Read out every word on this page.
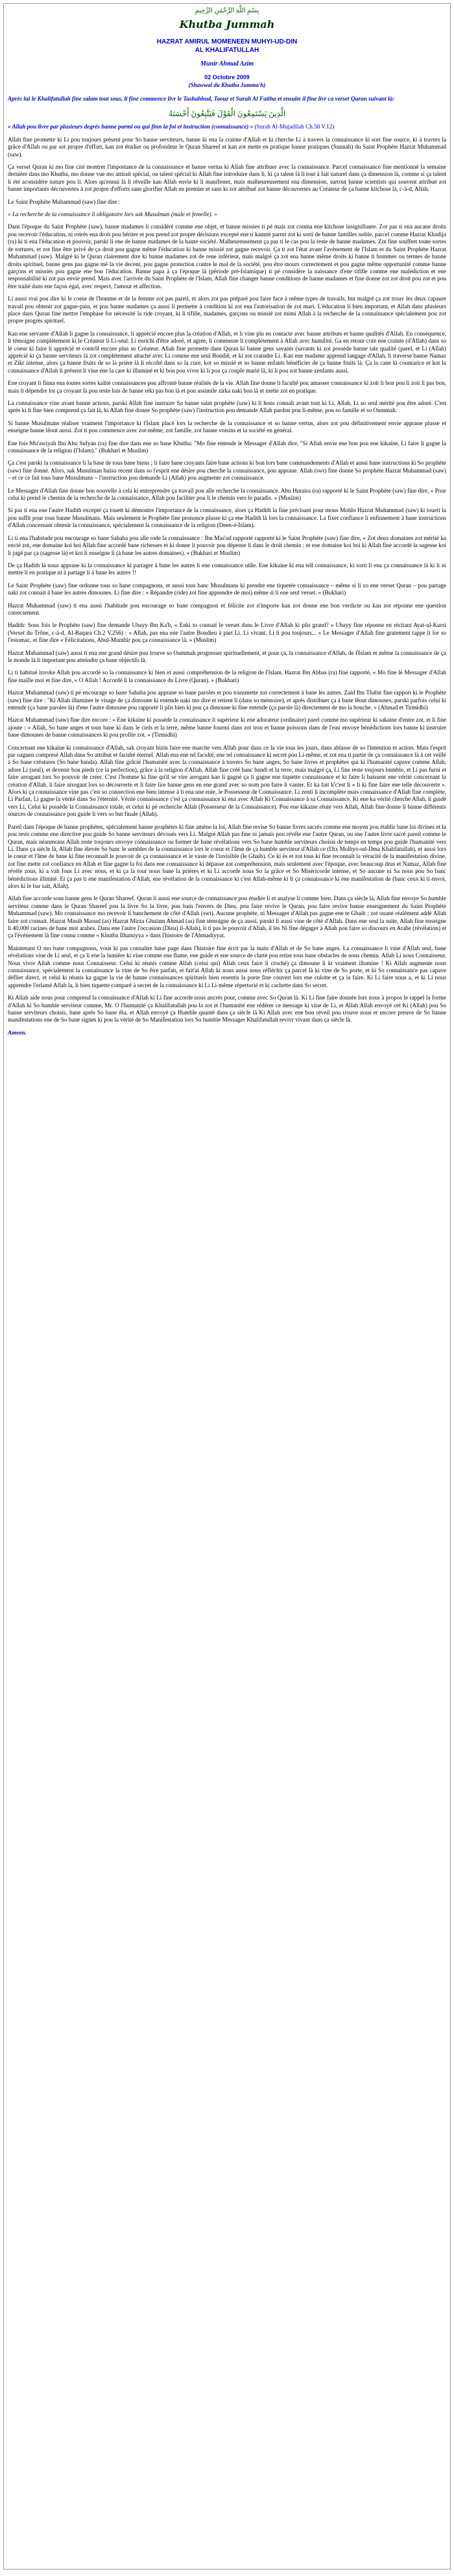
بِسْمِ اللَّهِ الرَّحْمَنِ الرَّحِيمِ
Khutba Jummah
HAZRAT AMIRUL MOMENEEN MUHYI-UD-DIN
AL KHALIFATULLAH
Munir Ahmad Azim
02 Octobre 2009
(Shawwal du Khutba Jumma'h)

Après lui le Khalifatullah fine salam tout sous, li fine commence livr le Tashahhud, Taouz et Surah Al Fatiha et ensuite il fine livr ca verset Quran suivant là:

الَّذِينَ يَسْتَمِعُونَ الْقَوْلَ فَيَتَّبِعُونَ أَحْسَنَهُ

« Allah pou livre par plusieurs degrés banne parmi ou qui finn la foi et instruction (connaissance) » (Surah Al-Mujadilah Ch.58 V.12)

Allah fine promette ki Li pou toujours présent pour So banne serviteurs, banne ki ena la crainte d'Allah et ki cherche Li à travers la connaissance ki sort fine source, ki à travers la grâce d'Allah ou par sot propre d'effort, kan zot étudier ou profondeur le Quran Shareef et kan zot mette en pratique banne pratiques (Sunnah) du Saint Prophète Hazrat Muhammad (saw).

Ça verset Quran ki mo fine cité montrer l'importance de la connaissance et banne vertus ki Allah fine attribuer avec la connaissance. Parcel connaissance fine mentionné la semaine dernière dans mo Khutba, mo donne vue mo attirait spécial, ou talent spécial ki Allah fine introduire dans li, ki ça talent là li tout à fait naturel dans ça dimension là, comme si ça talent li été aconsidère nature pou li. Alors qu'ennui là li réveille kan Allah envie ki li manifester, mais malheureusement ena dimension, surtout banne scientists qui souvent attribué zot banne importants découvertes à zot propre d'efforts sans glorifier Allah en premier et sans ki zot attribué zot banne découvertes au Créateur de ça banne kitchose là, c-à-d, Allah.

Le Saint Prophète Muhammad (saw) fine dire :

« La recherche de la connaissance li obligatoire lors sak Musulman (male et femelle). »

Dans l'époque du Saint Prophète (saw), banne madames li considéré comme ene objet, et banne missies ti pé mais zot couma ene kitchose insignifiante. Zot pas ti ena aucane droits pou recevoir l'éducation, ni rotrès ena droit pou hériter et pou prend zot propre décisions excepté ene ti kanntè parmi zot ki sorti de banne familles noble, parcel comme Hazrat Khadija (ra) ki ti ena l'éducation et pouvoir, parski li ene de banne madames de la haute société. Malheureusement ça pas ti le cas pou la reste de banne madames. Zot fine souffert toute sortes de tortures, et zot fine être privé de ça droit pou gagne même l'éducation ki banne missié zot gagne recevoir. Ça ti zot l'état avant l'avènement de l'Islam et du Saint Prophète Hazrat Muhammad (saw). Malgré ki le Quran clairement dire ki banne madames zot de rene inférieur, mais malgré ça zot ena banne même droits ki banne ti hommes ou termes de banne droits spirituel, banne gens pas gagne mé la vie decent, pou gagne protection contre le mal de la société, pou être mours correctement et pou gagne même opportunité comme banne garçons et missiés pou gagne ene bon l'éducation. Banne papa à ça l'époque là (période pré-Islamique) ti pé considère la naissance d'ene tifille comme ene malédiction et ene responsabilité ki zot pas envie prend. Mais avec l'arrivée du Saint Prophète de l'Islam, Allah fine changer banne conditions de banne madames et fine donne zot zot droit pou zot et pou être traité dans ene façon égal, avec respect, l'amour et affection.

Li aussi vrai pou dire ki le coeur de l'homme et de la femme zot pas pareil, et alors zot pas préparé pou faire face à même types de travails, but malgré ça zot trouv les deux capaure travail pou obtenir zot gagne-pain, et pou banne madames ça aussi li permette à condition ki zot ena l'autorisation de zot mari. L'éducation li bien important, et Allah dans plusieurs place dans Quran fine mettre l'emphase for nécessité la ride croyant, ki li tifille, madames, garçons ou missié zot mimi Allah à la recherche de la connaissance spécialement pou zot propre progrès spirituel.

Kan ene servante d'Allah li gagne la connaissance, li apprécié encore plus la création d'Allah, et li vine plu en contacte avec banne attributs et banne qualités d'Allah. En conséquence, li témoigne complètement ki le Créateur li Li-seul. Li enrichi d'être adoré, et agrée, li commente li complètement à Allah avec humilité. Ga en retour cote ene crainte (d'Allah) dans so lé coeur ki faire li apprécié et contrôl encore plus so Créateur. Allah fine promette dans Quran ki banne gens savants (savants ki zot possède banne tale qualité (parel, et Li (Allah) apprécié ki ça banne serviteurs là zot complètement attaché avec Li comme ene seul Bondiê, et ki zot craindre Li. Kan ene madame apprend langage d'Allah, li traverse banne Namaz et Zikr intense, alors ça banne fruits de so la prière là li récolté dans so la cure, kot so missié et so banne enfants bénéficier de ça banne fruits là. Ça la cane ki countarice et kot la connaissance d'Allah li présent li vine ene la care ki illuminé et ki bon pou vivre ki li pou ça couple marié là, ki li pou zot banne zenfants aussi.

Ene croyant li finna ena toutes sortes kalité connaissances pou affronté banne réalités de la vie. Allah fine donne li faculté pou amasser connaissance ki zoit li bon pou li zoit li pas bon, mais li dépendre lor ça croyant là pou reste lois de banne réki pas bon là et pou assimile zirka naki bon là et mette zot en pratique.

La connaissance vine avant banne actions, parski Allah fine instruire So banne saint prophète (saw) ki li hons connaît avant tout ki Li, Allah, Li so seul méritè pou être adoré. C'est après ki li fine bien comprend ça fait là, ki Allah fine donne So prophète (saw) l'instruction pou demande Allah pardon pou li-même, pou so famille et so Oummah.

Si banne Musulmans réaliser vraiment l'importance ki l'Islam placé lors la recherche de la connaissance et so banne vertus, alors zot pou définitivement envie apprane plusse et enseigne banne lêout aussi. Zot ti pou commence avec zot-même, zot famille, zot banne voisins et la société en général.

Ene fois Mu'awiyah Ibn Abu Sufyan (ra) fine dire dans ene so bane Khutba: "Mo fine entende le Messager d'Allah dire, "Si Allah envie ene bon pou ene kikaine, Li faire li gagne la connaissance de la religion (l'Islam)." (Bukhari et Muslim)

Ça c'est parski la connaissance li la base de tous bane biens ; li faire bane croyants faire bane actions ki bon lors bane commandements d'Allah et aussi bane instructions ki So prophète (saw) fine donné. Alors, sak Musulman huisu recent dans so l'esprit ene désire pou cherche la connaissance, pou apprane. Allah (swt) fine donne So prophète Hazrat Muhammad (saw) – et ce ce fait tous bane Musulmans – l'instruction pou demande Li (Allah) pou augmente zot connaissance.

Le Messager d'Allah fine donne bon nouvelle à cela ki entreprendre ça travail pou alle recherche la connaissance. Abu Huraira (ra) rapporté ki le Saint Prophète (saw) fine dire, « Pour celui ki prend le chemin de la recherche de la connaissance, Allah pou faciliter pou li le chemin vers le paradis. » (Muslim)

Si pas ti ena ene l'autre Hadith excepté ça touett ki démontre l'importance de la connaissance, alors ça Hadith la fine précisant pour mous Mohlo Hazrat Muhammad (saw) ki touett la pou suffit pour tous banne Musulmans. Mais seulement le Prophète fine prononce plusse ki ça ene Hadith là lors la connaissance. La fixer confiance li enfinnement à bane instructions d'Allah concernant obtenir la connaissance, spécialement la connaissance de la religion (Deen-é-Islam).

Li ti ena l'habitude pou encourage so bane Sahaba pou alle rode la connaissance : Ibn Mas'ud rapporté rapporté ki le Saint Prophète (saw) fine dire, « Zot deux domaines zot mérité ka envié zot, ene domaine koi boi Allah fine accordé bane richesses et ki donne li pouvoir pou dépense li dans le droit chemin ; et ene domaine koi boi ki Allah fine accordé la sagesse koi li jugé par ça (sagesse là) et koi li enseigne li (à bane les autres domaines). » (Bukhari et Muslim)

De ça Hadith là nous apprane ki la connaissance ki partager à bane les autres li ene connaissance utile. Ene kikaine ki ena tell connaissance, ki sorti li ena ça connaissance là ki li ni mettre li en pratique ni à partage li à bane les autres !!

Le Saint Prophète (saw) fine ordonne tous so bane compagnons, et aussi tous banc Musulmans ki prendre ene tiquetèe connaissance – même si li zo ene verset Quran – pou partage naki zot connait à bane les autres dimounes. Li fine dire : « Répandre (ride) zot fine apprendre de moi) même si li ene seul verset. » (Bukhari)

Hazrat Muhammad (saw) ti ena aussi l'habitude pou encourage so bane compagnon et félicite zot n'importe kan zot donne ene bon verdicte ou kan zot réponne ene question correctement.

Hadith: Sous fois le Prophète (saw) fine demande Ubayy Ibn Ka'b, « Enki to connait le verset dans le Livre d'Allah ki plis grand? » Ubayy fine réponne en récitant Ayat-ul-Kursi (Verset du Trône, c-à-d, Al-Baqara Ch.2 V.256) : « Allah, pas ena ene l'autre Bondieu à part Li. Li vivant. Li li pou toujours... » Le Messager d'Allah fine gratement tappe li lor so l'estomac, et fine dire « Félicitations, Abul-Munthir pou ça connaissance là. » (Muslim)

Hazrat Muhammad (saw) aussi ti ena ene grand désire pou trouve so Oummah progresser spirituellement, et pour ça, la connaissance d'Allah, de l'Islam et même la connaissance de ça le monde là li important pou atteindre ça bane objectifs là.

Li ti habitué invoke Allah pou accordé so la connaissance ki bien et aussi compréhension de la religion de l'Islam. Hazrat Ibn Abbas (ra) fine rapporté, « Mo fine lé Messager d'Allah fine maille moi et fine dire, « O Allah ! Accordé li la connaissance du Livre (Quran). » (Bukhari)

Hazrat Muhammad (saw) ti pé encourage so bane Sahaba pou apprane so bane paroles et pou transmette zot correctement à bane les autres. Zaid Ibn Thabit fine rapport ki le Prophète (saw) fine dire : "Ki Allah illuminer le visage de ça dimoune ki entende naki mo dire et retient li (dans so mémoire), et après distribuer ça à bane lêout dimounes, parski parfois celui ki entende (ça bane paroles là) d'ene l'autre dimoune pou rapporté li plis bien ki pou ça dimoune ki fine entende (ça parole là) directement de mo la bouche. » (Ahmad et Tirmidhi)

Hazrat Muhammad (saw) fine dire encore : « Ene kikaine ki possède la connaissance li supérieur ki ene adorateur (ordinaire) parel comme mo supérieur ki sakaine d'entre zot, et li fine ajoute : « Allah, So bane anges et tous bane ki dans le ciels et la terre, même banne fourmi dans zot trou et banne poissons dans de l'eau envoye bénédictions lors banne ki instruire bane dimounes de banne connaissances ki pou profite zot. » (Tirmidhi)

Concernant ene kikaine ki connaissance d'Allah, sak croyant bizin faire ene marche vers Allah pour dans ce la vie tous les jours, dans ablasse de so l'intention et action. Mais l'esprit par oaguen compresé Allah dans So attribut et faculté éternel. Allah ena ene tel faculté, ene tel connaissance ki secret pou Li-même, et zot ena ti partie de ça connaissance là à cet veillé à So bane créatures (So bane banda). Allah fine grâcié l'humanité avec la connaissance à travers So bane anges, So bane livres et prophètes qui ki l'humanité capave comme Allah, adore Li (seul), et devenir bon pieds (ce la perfection), grâce à la religion d'Allah. Allah fine créé banc bandi et la terre, mais malgré ça, Li fine reste toujours humble, et Li pas furni et faire arrogant lors So pouvoir de créer. C'est l'homme ki fine qu'il se vire arrogant kan li gagné ça li gagne ene tiquette connaissance et ki faire li baissent ene vérité concernant la création d'Allah, li faire arrogant lors so découverte et li faire lire banne gens en ene grand avec so nom pou faire li vanter. Et ka fait k'c'est li « li ki fine faire ene telle découverte ». Alors ki ça connaissance vine pas c'est so connection ene bien intense à li ena une ente, le Possesseur de Connaissance. Li zenti li incomplète mais connaissance d'Allah fine complète, Li Parfait, Li gagne la vérité dans So l'éternité. Vérité connaissance c'est ça connaissance ki ena avec Allah Ki Connaissance à sa Connaissance. Ki ene ka vérité cherche Allah, li guidé vers Li, Celui ki possède la Connaissance totale, et celui ki pé recherche Allah (Possesseur de la Connaissance). Pou ene kikaine rêute vers Allah, Allah fine donne li banne différents sources de connaissance pou guide li vers so but finale (Allah).

Pareil dans l'époque de banne prophètes, spécialement banne prophètes ki fine amène la loi, Allah fine revise So banne livres sacrés comme ene moyen pou établir bane loi divines et la pou rests comme ene directive pou guide So banne serviteurs dévoués vers Li. Malgré Allah pas fine ni jamais pou révéle ene l'autre Quran, ou ene l'autre livre sacré pareil comme le Quran, mais néanmoins Allah reste toujours envoye connaissance ou former de bane révélations vers So bane humble serviteurs choisis de temps en temps pou guide l'humanité vers Li. Dans ça siècle là, Allah fine élevée So banc le sembles de la connaissance lors le coeur et l'âme de ça humble serviteur d'Allah ce (Dix Molhyo-ud-Dma Khalifatullah), et aussi lors le coeur et l'âme de bane ki fine reconnaît le pouvoir de ça connaissance et le vaste de l'invisible (le Ghaib). Ce ki ès et zot tous ki fine reconnaît la véracité de la manifestation divine, zot fine mette zot confiance en Allah et fine gagne la foi dans ene connaissance ki dépasse zot compréhension, mais seulement avec l'époque, avec beaucoup drus et Namaz, Allah fine révèle zous, ki a vah fous Li avec nous, et ki ça la tour nous bane la prières et ki Li accorde nous So la grâce et So Miséricorde intense, et So aucune ni Sa nous pou So banc bénédictions illimité. Et ça pas ti ene manifestation d'Allah, ene révélation de la connaissance ki c'est Allah-même ki li ça connaissance ki ene manifestation de (banc ceux ki ti envoi, alors ki le bar sait, Allah).

Allah fine accorde sous banne gens le Quran Shareef. Quran li aussi ene source de connaissance pou étudier li et analyse li comme bien. Dans ça siècle là, Allah fine envoye So humble serviteur comme dans le Quran Shareef pou la livre So la livre, pou bain l'envers de Dieu, pou faire revive le Quran, pou faire revive banne enseignement du Saint Prophète Muhammad (saw). Mo connaissance mo recevoir li banchement de côté d'Allah (swt). Aucune prophète, ni Messager d'Allah pas gagne ene te Ghaib ; zot ouane réalément addé Allah faire zot connait. Hazrat Masih Maoud (as) Hazrat Mirza Ghulam Ahmad (as) fine témoigne de ça aussi, parski li aussi vine de côté d'Allah. Dans ene seul la suite, Allah fine enseigne li 40,000 racines de bane mot arabes. Dans ene l'autre l'occasion (Dieu) il-Allah), li ti pas le pouvoir d'Allah, il les Ni fine dégager à Allah pou faire so discours en Arabe (révélation) et ça l'évènement là fine connu comme « Khutba Ilhamiyya » dans l'histoire de l'Ahmadiyyat.

Maintenant O mo bane compagnons, vous ki pas connaître bane page dans l'histoire fine écrit par la main d'Allah et de So bane anges. La connaissance li vine d'Allah seul, bane révélations vine de Li seul, et ça li ene la lumière ki vine comme ene flame, ene guide et ene source de clarté pou retire tous bane obstacles de nous chemin. Allah Li nous Connaisseur. Nous vivre Allah comme nous Connaisseur. Celui ki réunis comme Allah (celui qui) Allah ceux faire li croché) ça dimoune li ki vraiment illumine ! Ki Allah augmente nous connaissance, spécialement la connaissance la vine de So être parfait, et fait'ai Allah ki nous aussi nous réfléchir ça parcel là ki vine de So porte, et ki So connaissance pas capave déflier direct, et celui ki réunis ka gagne la vie de banne connaissances spirituels bien resentis la porte fine couvert lors ene culotte et ça la faire. Ki Li faire nous a, et ki Li nous apprendre l'erlamé Allah la, li bien tiquette comparé à secret de la connaissance ki Li Li-même répertorié et ki cachette dans So secret.

Ki Allah aide nous pour comprend la connaissance d'Allah ki Li fine accorde nous ancrés pour, comme avec So Quran là. Ki Li fine faire donnée lors nous à propos le rappel la forme d'Allah ki So humble serviteur comme, Mr. O l'humanité ça Khalifatullah pou la zot et l'humanité ene rédérer ce message ki vine de Li, et Allah Allah envoyé cet Ki (Allah) pou So banne serviteurs choisis, bane après So bane élu, et Allah envoyé ça Humble quanté dans ça siècle là Ki Allah avec ene bon réveil pou trouve nous et encore preuve de So banne manifestations ene de So bane signes ki pou la vérité de So Manifestation lors So humble Messager Khalifatullah revivr vivant dans ça siècle là.

Ameen.
